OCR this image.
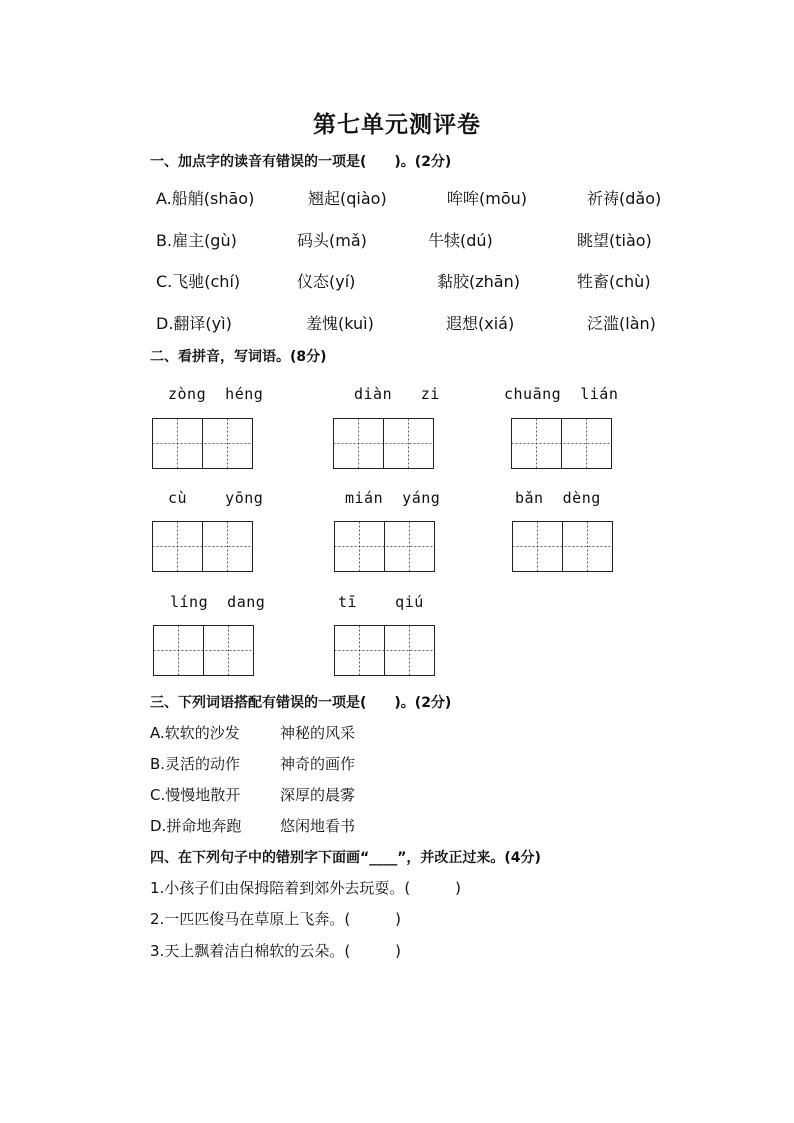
第七单元测评卷
一、加点字的读音有错误的一项是(　　)。(2分)
A.船艄(shāo)	翘起(qiào)	哞哞(mōu)	祈祷(dǎo)
B.雇主(gù)	码头(mǎ)	牛犊(dú)	眺望(tiào)
C.飞驰(chí)	仪态(yí)	黏胶(zhān)	牲畜(chù)
D.翻译(yì)	羞愧(kuì)	遐想(xiá)	泛滥(làn)
二、看拼音，写词语。(8分)
zòng  héng	diàn   zi	chuāng  lián
cù    yōng	mián  yáng	bǎn  dèng
líng  dang	tī    qiú
三、下列词语搭配有错误的一项是(　　)。(2分)
A.软软的沙发	神秘的风采
B.灵活的动作	神奇的画作
C.慢慢地散开	深厚的晨雾
D.拼命地奔跑	悠闲地看书
四、在下列句子中的错别字下面画“____”，并改正过来。(4分)
1.小孩子们由保拇陪着到郊外去玩耍。(　　　)
2.一匹匹俊马在草原上飞奔。(　　　)
3.天上飘着洁白棉软的云朵。(　　　)
